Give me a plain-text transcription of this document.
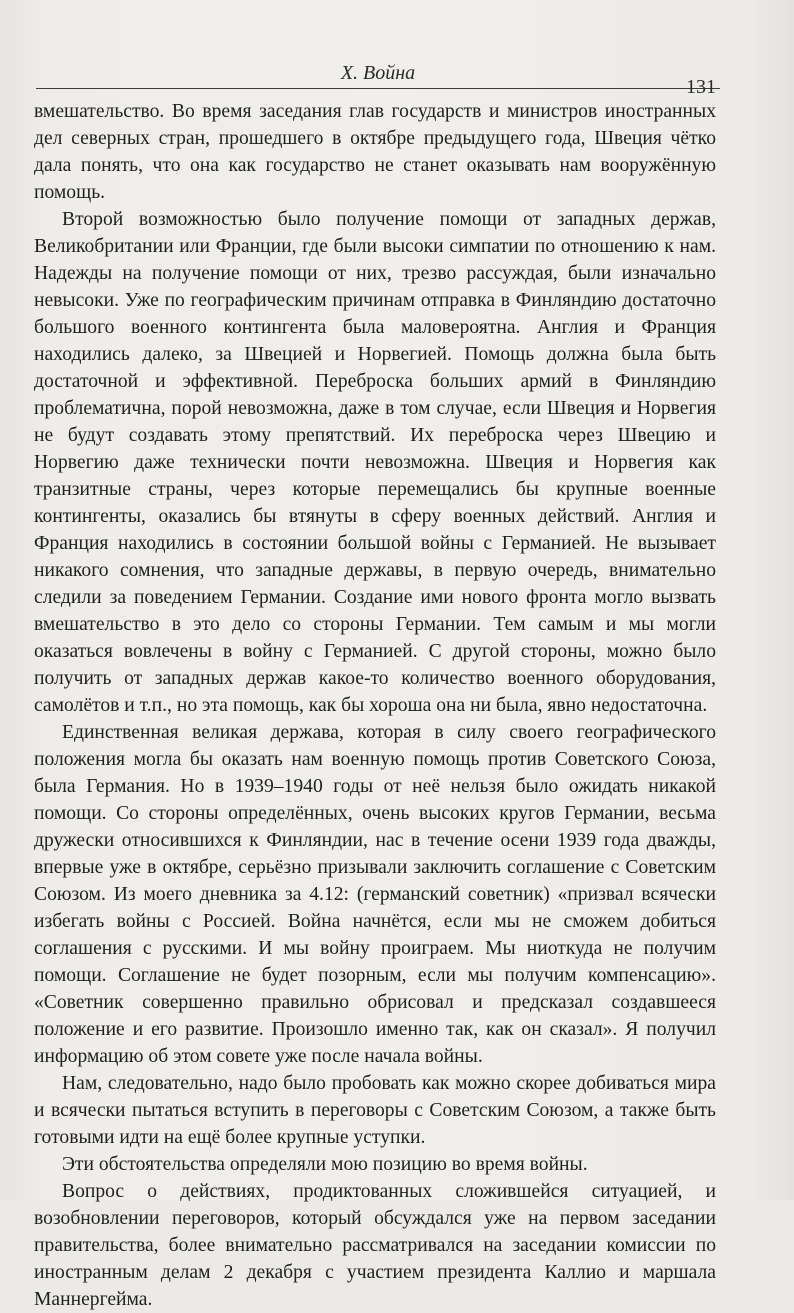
X. Война
131

вмешательство. Во время заседания глав государств и министров иностранных дел северных стран, прошедшего в октябре предыдущего года, Швеция чётко дала понять, что она как государство не станет оказывать нам вооружённую помощь.

Второй возможностью было получение помощи от западных держав, Великобритании или Франции, где были высоки симпатии по отношению к нам. Надежды на получение помощи от них, трезво рассуждая, были изначально невысоки. Уже по географическим причинам отправка в Финляндию достаточно большого военного контингента была маловероятна. Англия и Франция находились далеко, за Швецией и Норвегией. Помощь должна была быть достаточной и эффективной. Переброска больших армий в Финляндию проблематична, порой невозможна, даже в том случае, если Швеция и Норвегия не будут создавать этому препятствий. Их переброска через Швецию и Норвегию даже технически почти невозможна. Швеция и Норвегия как транзитные страны, через которые перемещались бы крупные военные контингенты, оказались бы втянуты в сферу военных действий. Англия и Франция находились в состоянии большой войны с Германией. Не вызывает никакого сомнения, что западные державы, в первую очередь, внимательно следили за поведением Германии. Создание ими нового фронта могло вызвать вмешательство в это дело со стороны Германии. Тем самым и мы могли оказаться вовлечены в войну с Германией. С другой стороны, можно было получить от западных держав какое-то количество военного оборудования, самолётов и т.п., но эта помощь, как бы хороша она ни была, явно недостаточна.

Единственная великая держава, которая в силу своего географического положения могла бы оказать нам военную помощь против Советского Союза, была Германия. Но в 1939–1940 годы от неё нельзя было ожидать никакой помощи. Со стороны определённых, очень высоких кругов Германии, весьма дружески относившихся к Финляндии, нас в течение осени 1939 года дважды, впервые уже в октябре, серьёзно призывали заключить соглашение с Советским Союзом. Из моего дневника за 4.12: (германский советник) «призвал всячески избегать войны с Россией. Война начнётся, если мы не сможем добиться соглашения с русскими. И мы войну проиграем. Мы ниоткуда не получим помощи. Соглашение не будет позорным, если мы получим компенсацию». «Советник совершенно правильно обрисовал и предсказал создавшееся положение и его развитие. Произошло именно так, как он сказал». Я получил информацию об этом совете уже после начала войны.

Нам, следовательно, надо было пробовать как можно скорее добиваться мира и всячески пытаться вступить в переговоры с Советским Союзом, а также быть готовыми идти на ещё более крупные уступки.

Эти обстоятельства определяли мою позицию во время войны.

Вопрос о действиях, продиктованных сложившейся ситуацией, и возобновлении переговоров, который обсуждался уже на первом заседании правительства, более внимательно рассматривался на заседании комиссии по иностранным делам 2 декабря с участием президента Каллио и маршала Маннергейма.
